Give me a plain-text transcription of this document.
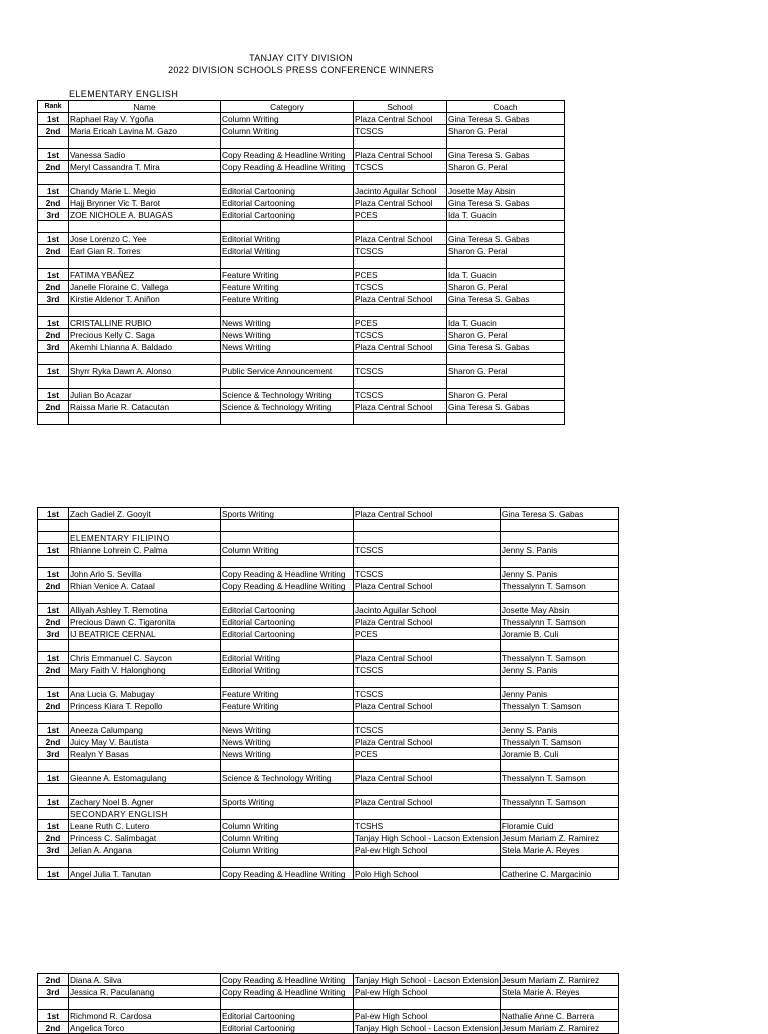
TANJAY CITY DIVISION
2022 DIVISION SCHOOLS PRESS CONFERENCE WINNERS
ELEMENTARY ENGLISH
Rank	Name	Category	School	Coach
1st	Raphael Ray V. Ygoña	Column Writing	Plaza Central School	Gina Teresa S. Gabas
2nd	Maria Ericah Lavina M. Gazo	Column Writing	TCSCS	Sharon G. Peral

1st	Vanessa Sadio	Copy Reading & Headline Writing	Plaza Central School	Gina Teresa S. Gabas
2nd	Meryl Cassandra T. Mira	Copy Reading & Headline Writing	TCSCS	Sharon G. Peral

1st	Chandy Marie L. Megio	Editorial Cartooning	Jacinto Aguilar School	Josette May Absin
2nd	Hajj Brynner Vic T. Barot	Editorial Cartooning	Plaza Central School	Gina Teresa S. Gabas
3rd	ZOE NICHOLE A. BUAGAS	Editorial Cartooning	PCES	Ida T. Guacin

1st	Jose Lorenzo C. Yee	Editorial Writing	Plaza Central School	Gina Teresa S. Gabas
2nd	Earl Gian R. Torres	Editorial Writing	TCSCS	Sharon G. Peral

1st	FATIMA YBAÑEZ	Feature Writing	PCES	Ida T. Guacin
2nd	Janelle Floraine C. Vallega	Feature Writing	TCSCS	Sharon G. Peral
3rd	Kirstie Aldenor T. Aniñon	Feature Writing	Plaza Central School	Gina Teresa S. Gabas

1st	CRISTALLINE RUBIO	News Writing	PCES	Ida T. Guacin
2nd	Precious Kelly C. Saga	News Writing	TCSCS	Sharon G. Peral
3rd	Akemhi Lhianna A. Baldado	News Writing	Plaza Central School	Gina Teresa S. Gabas

1st	Shyrr Ryka Dawn A. Alonso	Public Service Announcement	TCSCS	Sharon G. Peral

1st	Julian Bo Acazar	Science & Technology Writing	TCSCS	Sharon G. Peral
2nd	Raissa Marie R. Catacutan	Science & Technology Writing	Plaza Central School	Gina Teresa S. Gabas

1st	Zach Gadiel Z. Gooyit	Sports Writing	Plaza Central School	Gina Teresa S. Gabas

	ELEMENTARY FILIPINO			
1st	Rhianne Lohrein C. Palma	Column Writing	TCSCS	Jenny S. Panis

1st	John Arlo S. Sevilla	Copy Reading & Headline Writing	TCSCS	Jenny S. Panis
2nd	Rhian Venice A. Cataal	Copy Reading & Headline Writing	Plaza Central School	Thessalynn T. Samson

1st	Alliyah Ashley T. Remotina	Editorial Cartooning	Jacinto Aguilar School	Josette May Absin
2nd	Precious Dawn C. Tigaronita	Editorial Cartooning	Plaza Central School	Thessalynn T. Samson
3rd	IJ BEATRICE CERNAL	Editorial Cartooning	PCES	Joramie B. Culi

1st	Chris Emmanuel C. Saycon	Editorial Writing	Plaza Central School	Thessalynn T. Samson
2nd	Mary Faith V. Halonghong	Editorial Writing	TCSCS	Jenny S. Panis

1st	Ana Lucia G. Mabugay	Feature Writing	TCSCS	Jenny Panis
2nd	Princess Kiara T. Repollo	Feature Writing	Plaza Central School	Thessalyn T. Samson

1st	Aneeza Calumpang	News Writing	TCSCS	Jenny S. Panis
2nd	Juicy May V. Bautista	News Writing	Plaza Central School	Thessalyn T. Samson
3rd	Realyn Y Basas	News Writing	PCES	Joramie B. Culi

1st	Gieanne A. Estomagulang	Science & Technology Writing	Plaza Central School	Thessalynn T. Samson

1st	Zachary Noel B. Agner	Sports Writing	Plaza Central School	Thessalynn T. Samson
	SECONDARY ENGLISH			
1st	Leane Ruth C. Lutero	Column Writing	TCSHS	Floramie Cuid
2nd	Princess C. Salimbagat	Column Writing	Tanjay High School - Lacson Extension	Jesum Mariam Z. Ramirez
3rd	Jelian A. Angana	Column Writing	Pal-ew High School	Stela Marie A. Reyes

1st	Angel Julia T. Tanutan	Copy Reading & Headline Writing	Polo High School	Catherine C. Margacinio
2nd	Diana A. Silva	Copy Reading & Headline Writing	Tanjay High School - Lacson Extension	Jesum Mariam Z. Ramirez
3rd	Jessica R. Paculanang	Copy Reading & Headline Writing	Pal-ew High School	Stela Marie A. Reyes

1st	Richmond R. Cardosa	Editorial Cartooning	Pal-ew High School	Nathalie Anne C. Barrera
2nd	Angelica Torco	Editorial Cartooning	Tanjay High School - Lacson Extension	Jesum Mariam Z. Ramirez
